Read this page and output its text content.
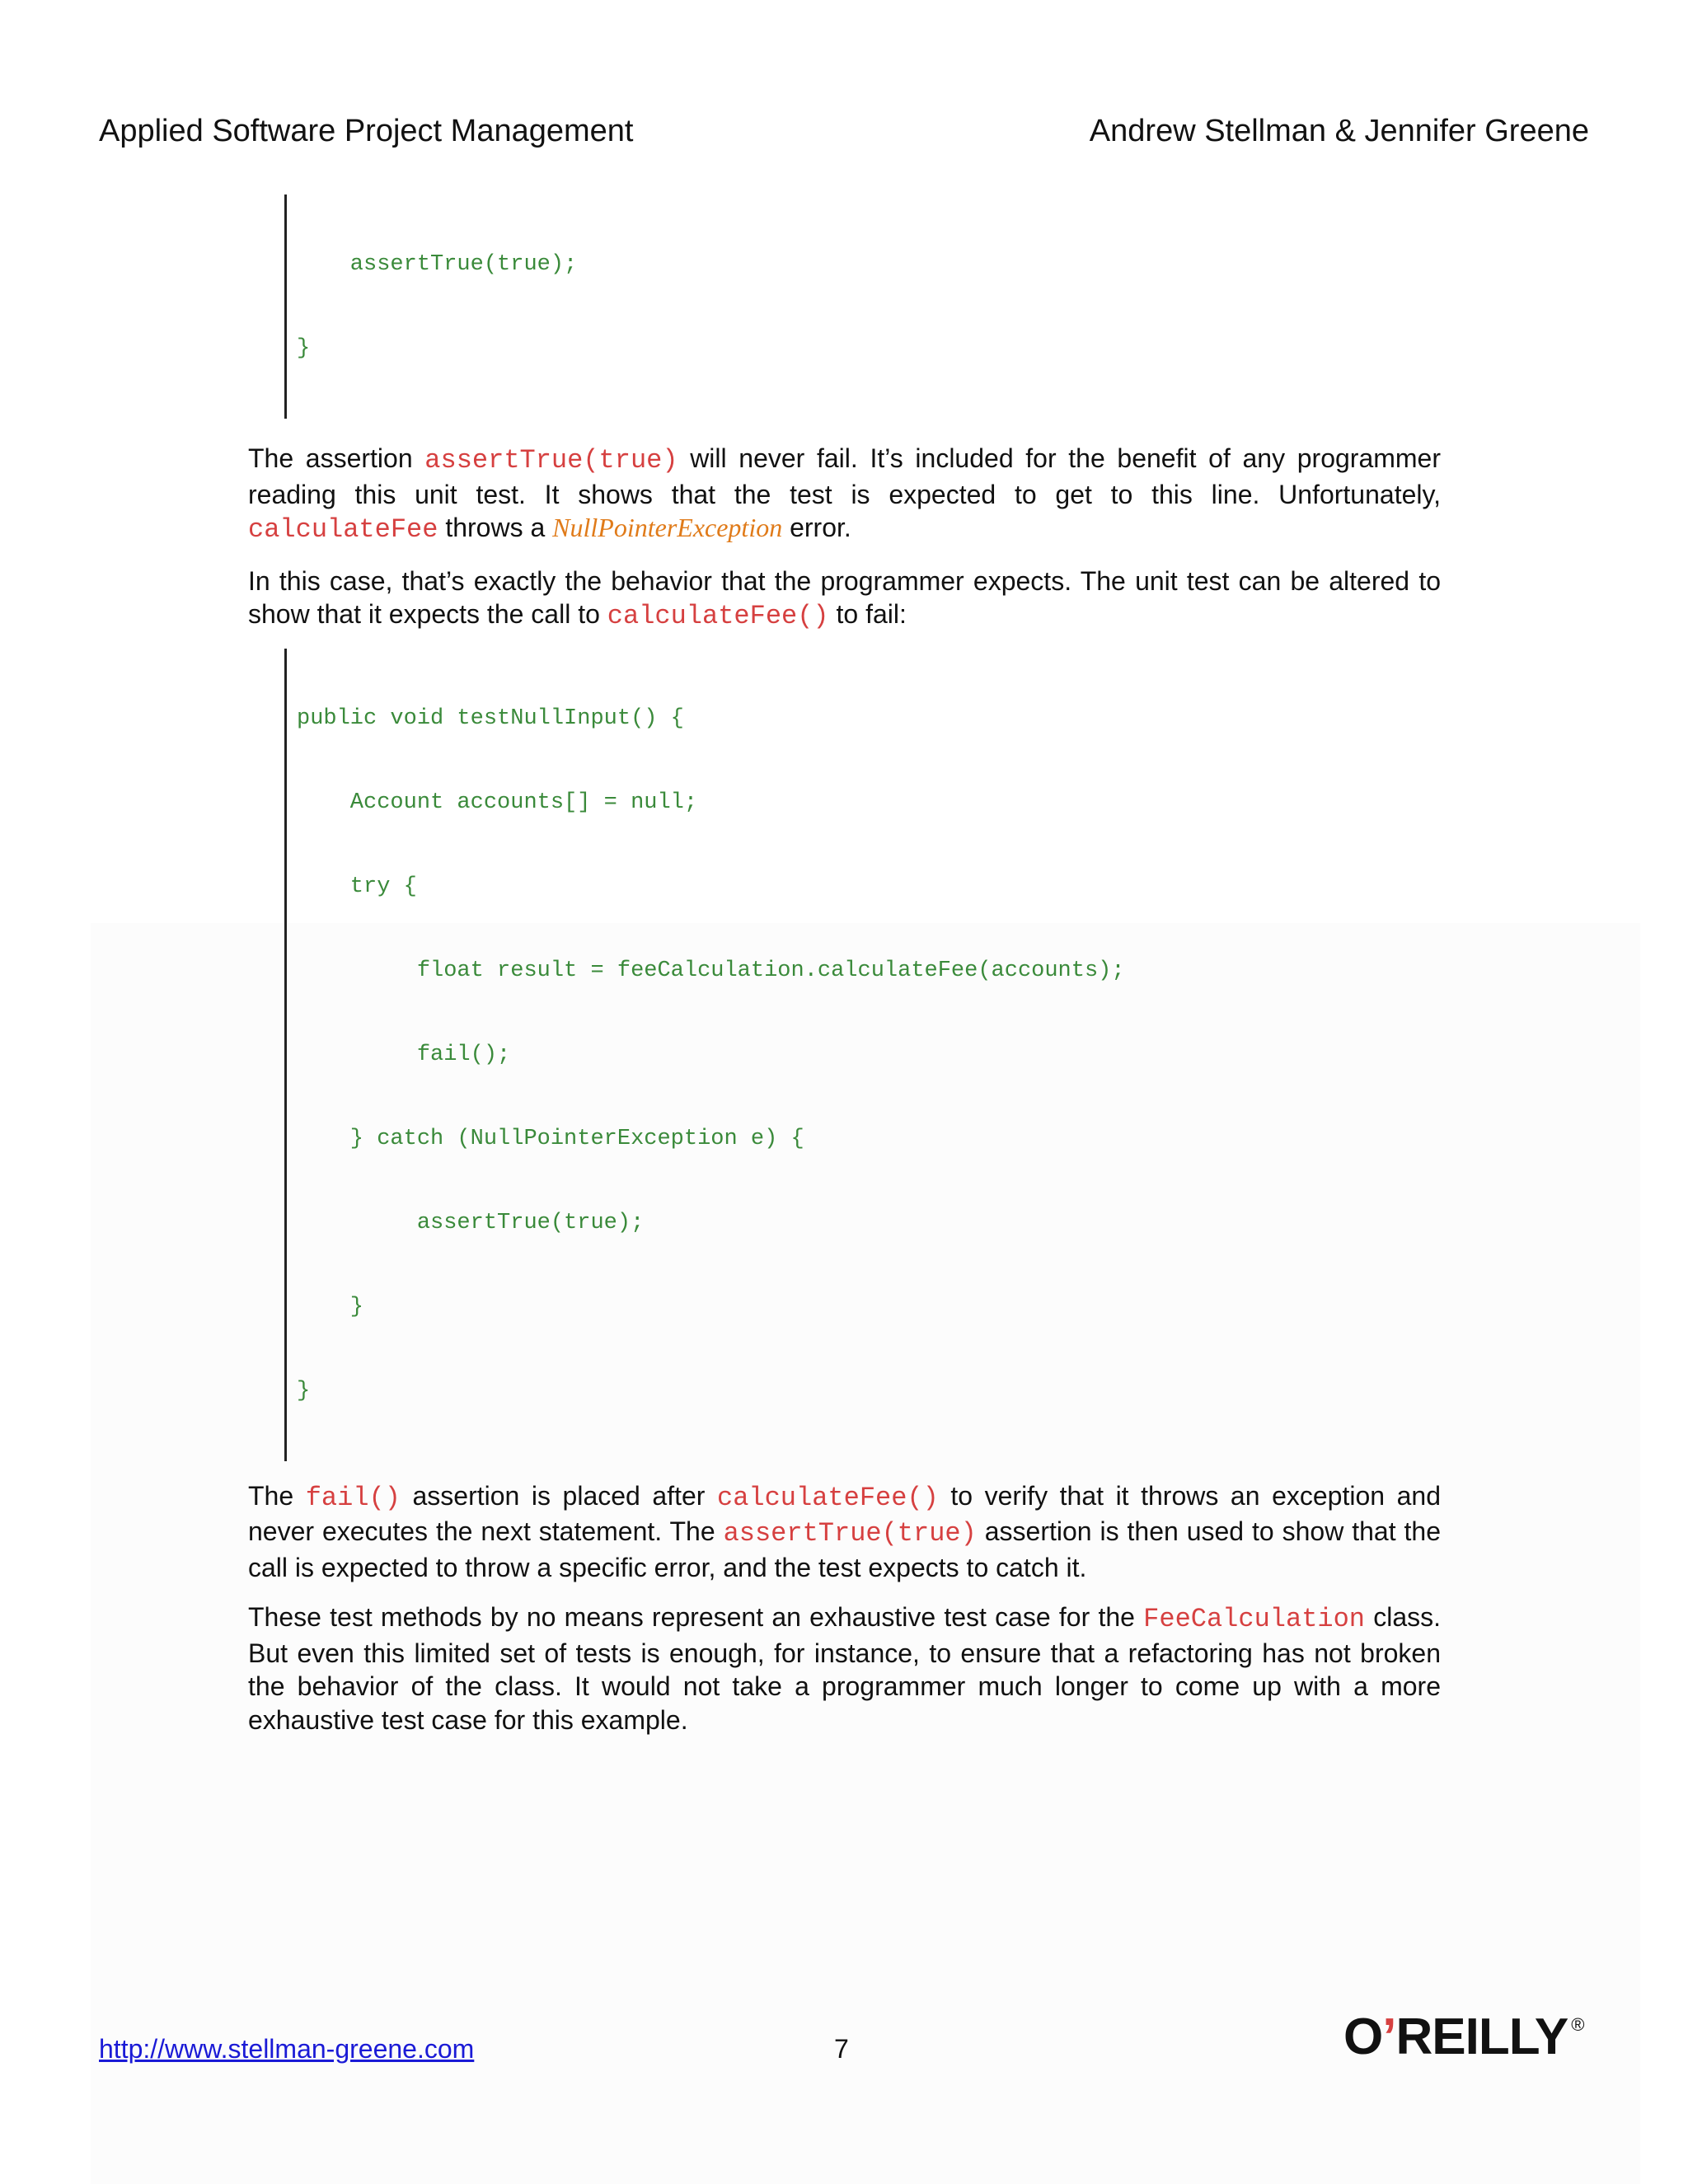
Applied Software Project Management	Andrew Stellman & Jennifer Greene

assertTrue(true);

}

The assertion assertTrue(true) will never fail. It’s included for the benefit of any programmer reading this unit test. It shows that the test is expected to get to this line. Unfortunately, calculateFee throws a NullPointerException error.

In this case, that’s exactly the behavior that the programmer expects. The unit test can be altered to show that it expects the call to calculateFee() to fail:

public void testNullInput() {

Account accounts[] = null;

try {

float result = feeCalculation.calculateFee(accounts);

fail();

} catch (NullPointerException e) {

assertTrue(true);

}

}

The fail() assertion is placed after calculateFee() to verify that it throws an exception and never executes the next statement. The assertTrue(true) assertion is then used to show that the call is expected to throw a specific error, and the test expects to catch it.

These test methods by no means represent an exhaustive test case for the FeeCalculation class. But even this limited set of tests is enough, for instance, to ensure that a refactoring has not broken the behavior of the class. It would not take a programmer much longer to come up with a more exhaustive test case for this example.

http://www.stellman-greene.com	7	O ’ REILLY ®
